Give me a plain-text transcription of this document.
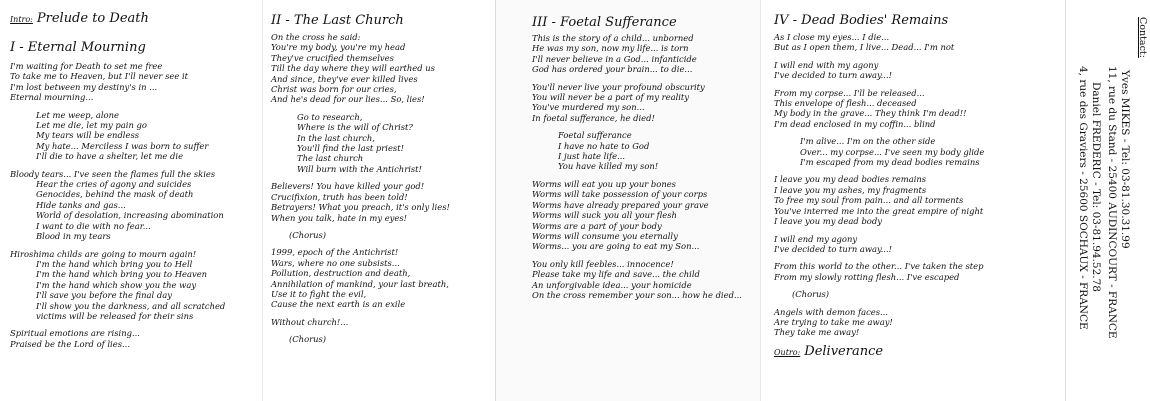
Intro: Prelude to Death
I - Eternal Mourning
I'm waiting for Death to set me free
To take me to Heaven, but I'll never see it
I'm lost between my destiny's in ...
Eternal mourning...
Let me weep, alone
Let me die, let my pain go
My tears will be endless
My hate... Merciless I was born to suffer
I'll die to have a shelter, let me die
Bloody tears... I've seen the flames full the skies
Hear the cries of agony and suicides
Genocides, behind the mask of death
Hide tanks and gas...
World of desolation, increasing abomination
I want to die with no fear...
Blood in my tears
Hiroshima childs are going to mourn again!
I'm the hand which bring you to Hell
I'm the hand which bring you to Heaven
I'm the hand which show you the way
I'll save you before the final day
I'll show you the darkness, and all scratched
victims will be released for their sins
Spiritual emotions are rising...
Praised be the Lord of lies...
II - The Last Church
On the cross he said:
You're my body, you're my head
They've crucified themselves
Till the day where they will earthed us
And since, they've ever killed lives
Christ was born for our cries,
And he's dead for our lies... So, lies!
Go to research,
Where is the will of Christ?
In the last church,
You'll find the last priest!
The last church
Will burn with the Antichrist!
Believers! You have killed your god!
Crucifixion, truth has been told!
Betrayers! What you preach, it's only lies!
When you talk, hate in my eyes!
(Chorus)
1999, epoch of the Antichrist!
Wars, where no one subsists...
Pollution, destruction and death,
Annihilation of mankind, your last breath,
Use it to fight the evil,
Cause the next earth is an exile
Without church!...
(Chorus)
III - Foetal Sufferance
This is the story of a child... unborned
He was my son, now my life... is torn
I'll never believe in a God... infanticide
God has ordered your brain... to die...
You'll never live your profound obscurity
You will never be a part of my reality
You've murdered my son...
In foetal sufferance, he died!
Foetal sufferance
I have no hate to God
I just hate life...
You have killed my son!
Worms will eat you up your bones
Worms will take possession of your corps
Worms have already prepared your grave
Worms will suck you all your flesh
Worms are a part of your body
Worms will consume you eternally
Worms... you are going to eat my Son...
You only kill feebles... innocence!
Please take my life and save... the child
An unforgivable idea... your homicide
On the cross remember your son... how he died...
IV - Dead Bodies' Remains
As I close my eyes... I die...
But as I open them, I live... Dead... I'm not
I will end with my agony
I've decided to turn away...!
From my corpse... I'll be released...
This envelope of flesh... deceased
My body in the grave... They think I'm dead!!
I'm dead enclosed in my coffin... blind
I'm alive... I'm on the other side
Over... my corpse... I've seen my body glide
I'm escaped from my dead bodies remains
I leave you my dead bodies remains
I leave you my ashes, my fragments
To free my soul from pain... and all torments
You've interred me into the great empire of night
I leave you my dead body
I will end my agony
I've decided to turn away...!
From this world to the other... I've taken the step
From my slowly rotting flesh... I've escaped
(Chorus)
Angels with demon faces...
Are trying to take me away!
They take me away!
Outro: Deliverance
Contact:
Yves MIKES - Tel: 03-81.30.31.99
11, rue du Stand - 25400 AUDINCOURT - FRANCE
Daniel FREDERIC - Tel: 03-81.94.52.78
4, rue des Graviers - 25600 SOCHAUX - FRANCE
